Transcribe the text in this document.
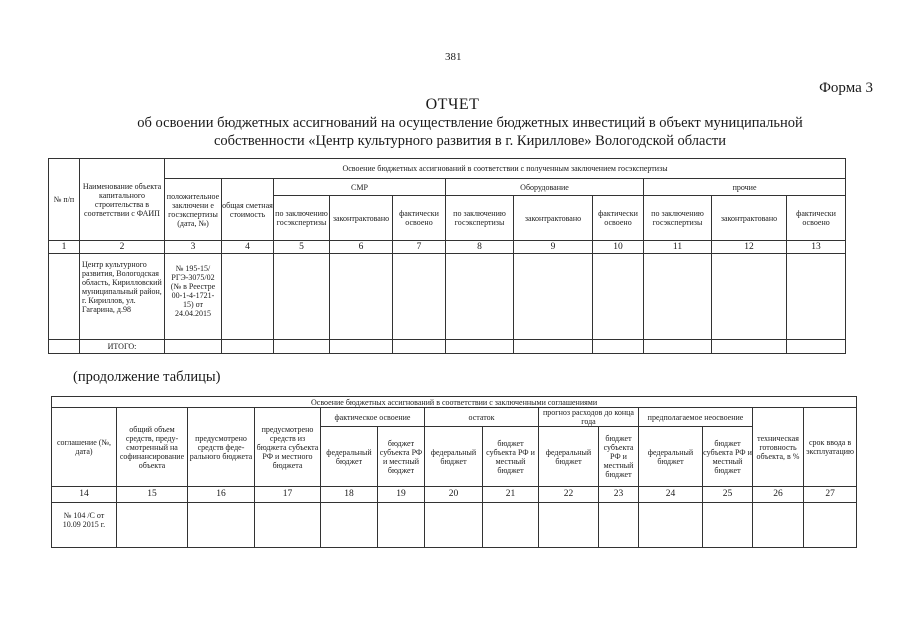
381
Форма 3
ОТЧЕТ
об освоении бюджетных ассигнований на осуществление бюджетных инвестиций в объект муниципальной собственности «Центр культурного развития в г. Кириллове» Вологодской области
№ п/п	Наименование объекта капитального строительства в соответствии с ФАИП	Освоение бюджетных ассигнований в соответствии с полученным заключением госэкспертизы										
		положительное заключени е госэкспертизы (дата, №)	общая сметная стоимость	СМР			Оборудование			прочие		
				по заключению госэкспертизы	законтрактовано	фактически освоено	по заключению госэкспертизы	законтрактовано	фактически освоено	по заключению госэкспертизы	законтрактовано	фактически освоено
1	2	3	4	5	6	7	8	9	10	11	12	13
	Центр культурного развития, Вологодская область, Кирилловский муниципальный район, г. Кириллов, ул. Гагарина, д.98	№ 195-15/РГЭ-3075/02 (№ в Реестре 00-1-4-1721-15) от 24.04.2015										
	ИТОГО:											
(продолжение таблицы)
Освоение бюджетных ассигнований в соответствии с заключенными соглашениями													
соглашение (№, дата)	общий объем средств, предусмотренный на софинансирование объекта	предусмотрено средств федерального бюджета	предусмотрено средств из бюджета субъекта РФ и местного бюджета	фактическое освоение		остаток		прогноз расходов до конца года		предполагаемое неосвоение		техническая готовность объекта, в %	срок ввода в эксплуатацию
				федеральный бюджет	бюджет субъекта РФ и местный бюджет	федеральный бюджет	бюджет субъекта РФ и местный бюджет	федеральный бюджет	бюджет субъекта РФ и местный бюджет	федеральный бюджет	бюджет субъекта РФ и местный бюджет		
14	15	16	17	18	19	20	21	22	23	24	25	26	27
№ 104 /С от 10.09 2015 г.													
